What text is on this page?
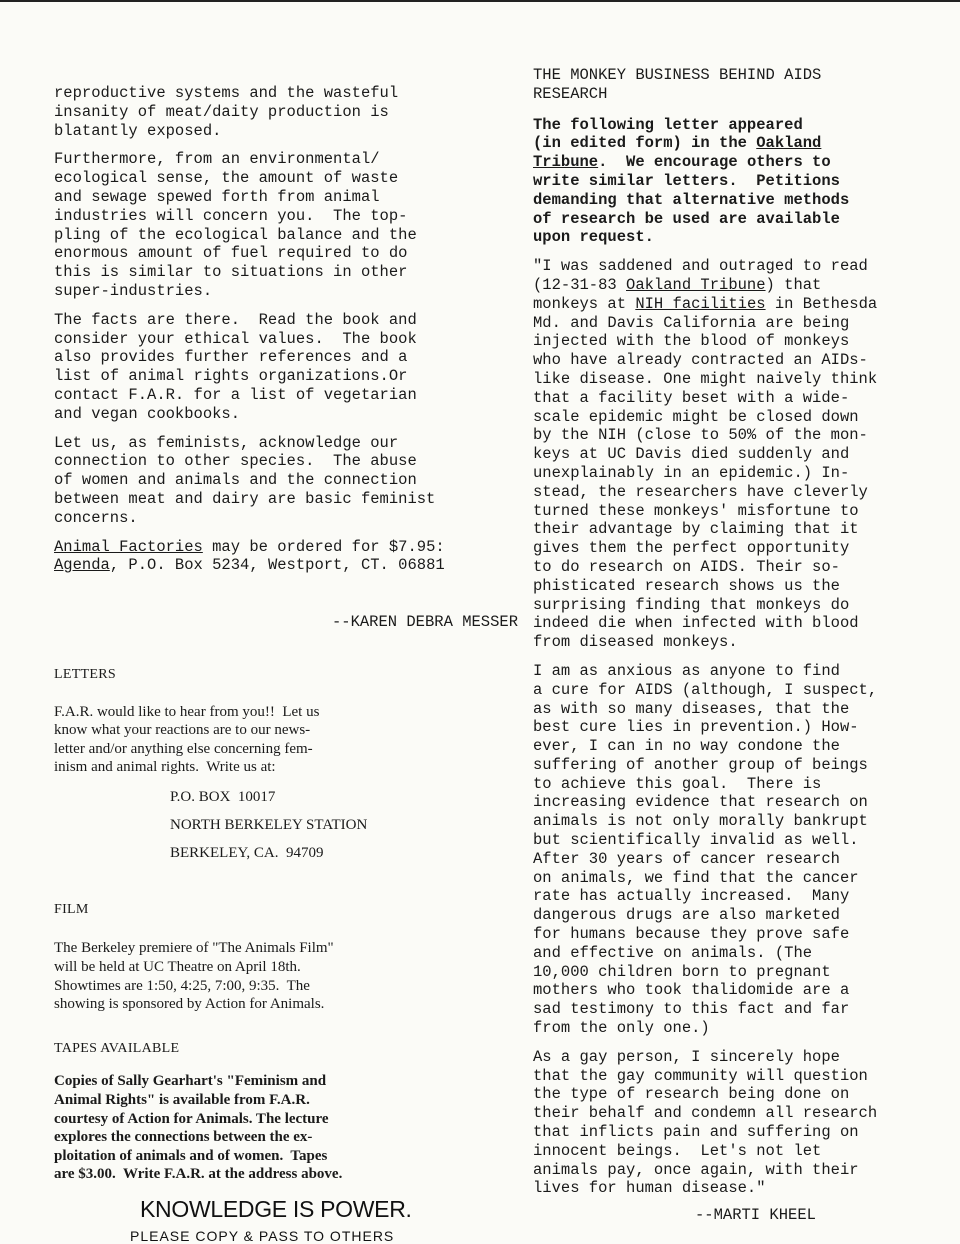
reproductive systems and the wasteful
insanity of meat/daity production is
blatantly exposed.
Furthermore, from an environmental/
ecological sense, the amount of waste
and sewage spewed forth from animal
industries will concern you.  The top-
pling of the ecological balance and the
enormous amount of fuel required to do
this is similar to situations in other
super-industries.
The facts are there.  Read the book and
consider your ethical values.  The book
also provides further references and a
list of animal rights organizations.Or
contact F.A.R. for a list of vegetarian
and vegan cookbooks.
Let us, as feminists, acknowledge our
connection to other species.  The abuse
of women and animals and the connection
between meat and dairy are basic feminist
concerns.
Animal Factories may be ordered for $7.95:
Agenda, P.O. Box 5234, Westport, CT. 06881
--KAREN DEBRA MESSER
LETTERS
F.A.R. would like to hear from you!!  Let us
know what your reactions are to our news-
letter and/or anything else concerning fem-
inism and animal rights.  Write us at:
P.O. BOX  10017
NORTH BERKELEY STATION
BERKELEY, CA.  94709
FILM
The Berkeley premiere of "The Animals Film"
will be held at UC Theatre on April 18th.
Showtimes are 1:50, 4:25, 7:00, 9:35.  The
showing is sponsored by Action for Animals.
TAPES AVAILABLE
Copies of Sally Gearhart's "Feminism and
Animal Rights" is available from F.A.R.
courtesy of Action for Animals. The lecture
explores the connections between the ex-
ploitation of animals and of women.  Tapes
are $3.00.  Write F.A.R. at the address above.
KNOWLEDGE IS POWER.
PLEASE COPY & PASS TO OTHERS
THE MONKEY BUSINESS BEHIND AIDS
RESEARCH
The following letter appeared
(in edited form) in the Oakland
Tribune.  We encourage others to
write similar letters.  Petitions
demanding that alternative methods
of research be used are available
upon request.
"I was saddened and outraged to read
(12-31-83 Oakland Tribune) that
monkeys at NIH facilities in Bethesda
Md. and Davis California are being
injected with the blood of monkeys
who have already contracted an AIDs-
like disease. One might naively think
that a facility beset with a wide-
scale epidemic might be closed down
by the NIH (close to 50% of the mon-
keys at UC Davis died suddenly and
unexplainably in an epidemic.) In-
stead, the researchers have cleverly
turned these monkeys' misfortune to
their advantage by claiming that it
gives them the perfect opportunity
to do research on AIDS. Their so-
phisticated research shows us the
surprising finding that monkeys do
indeed die when infected with blood
from diseased monkeys.
I am as anxious as anyone to find
a cure for AIDS (although, I suspect,
as with so many diseases, that the
best cure lies in prevention.) How-
ever, I can in no way condone the
suffering of another group of beings
to achieve this goal.  There is
increasing evidence that research on
animals is not only morally bankrupt
but scientifically invalid as well.
After 30 years of cancer research
on animals, we find that the cancer
rate has actually increased.  Many
dangerous drugs are also marketed
for humans because they prove safe
and effective on animals. (The
10,000 children born to pregnant
mothers who took thalidomide are a
sad testimony to this fact and far
from the only one.)
As a gay person, I sincerely hope
that the gay community will question
the type of research being done on
their behalf and condemn all research
that inflicts pain and suffering on
innocent beings.  Let's not let
animals pay, once again, with their
lives for human disease."
--MARTI KHEEL
